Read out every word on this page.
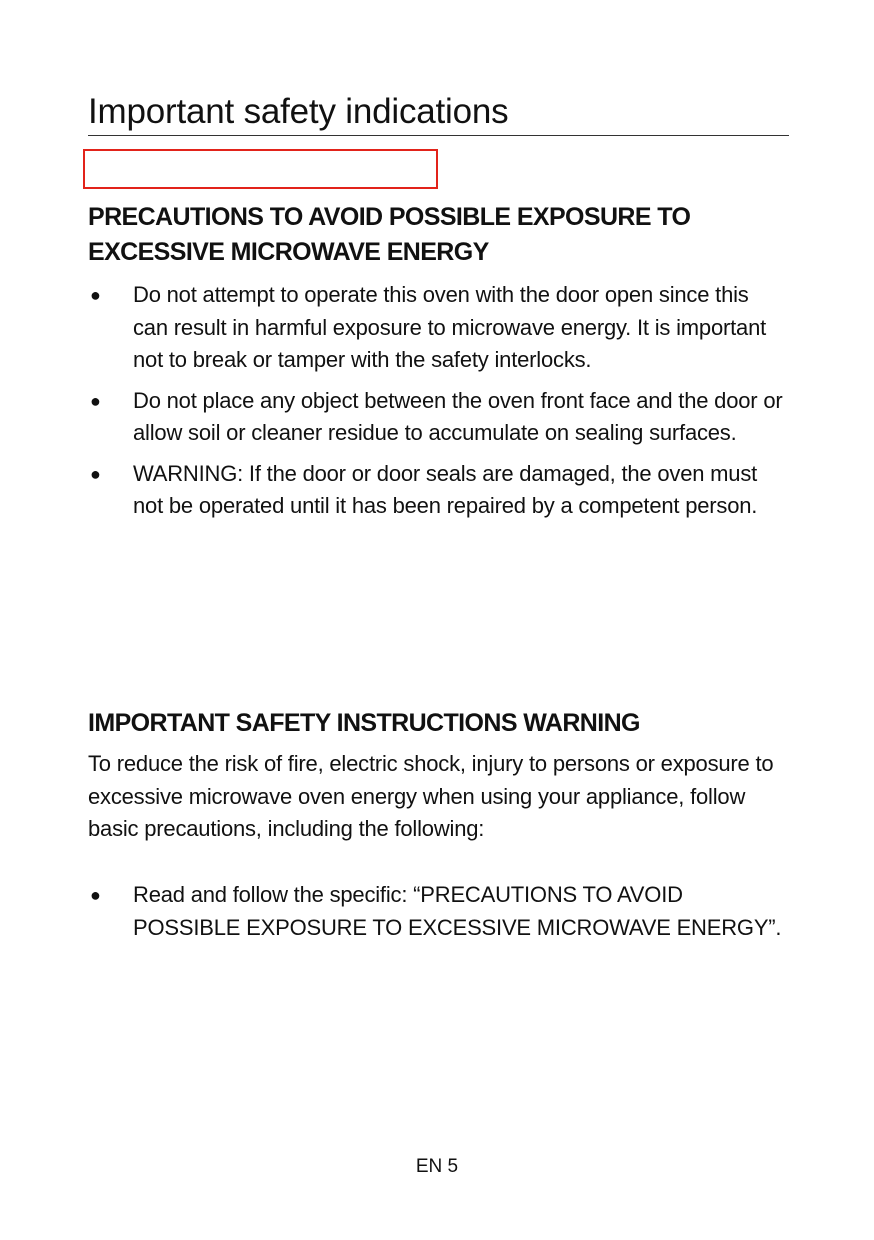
Important safety indications
PRECAUTIONS TO AVOID POSSIBLE EXPOSURE TO EXCESSIVE MICROWAVE ENERGY
● Do not attempt to operate this oven with the door open since this can result in harmful exposure to microwave energy. It is important not to break or tamper with the safety interlocks.
● Do not place any object between the oven front face and the door or allow soil or cleaner residue to accumulate on sealing surfaces.
● WARNING: If the door or door seals are damaged, the oven must not be operated until it has been repaired by a competent person.
IMPORTANT SAFETY INSTRUCTIONS WARNING

To reduce the risk of fire, electric shock, injury to persons or exposure to excessive microwave oven energy when using your appliance, follow basic precautions, including the following:

● Read and follow the specific: “PRECAUTIONS TO AVOID POSSIBLE EXPOSURE TO EXCESSIVE MICROWAVE ENERGY”.
EN 5
